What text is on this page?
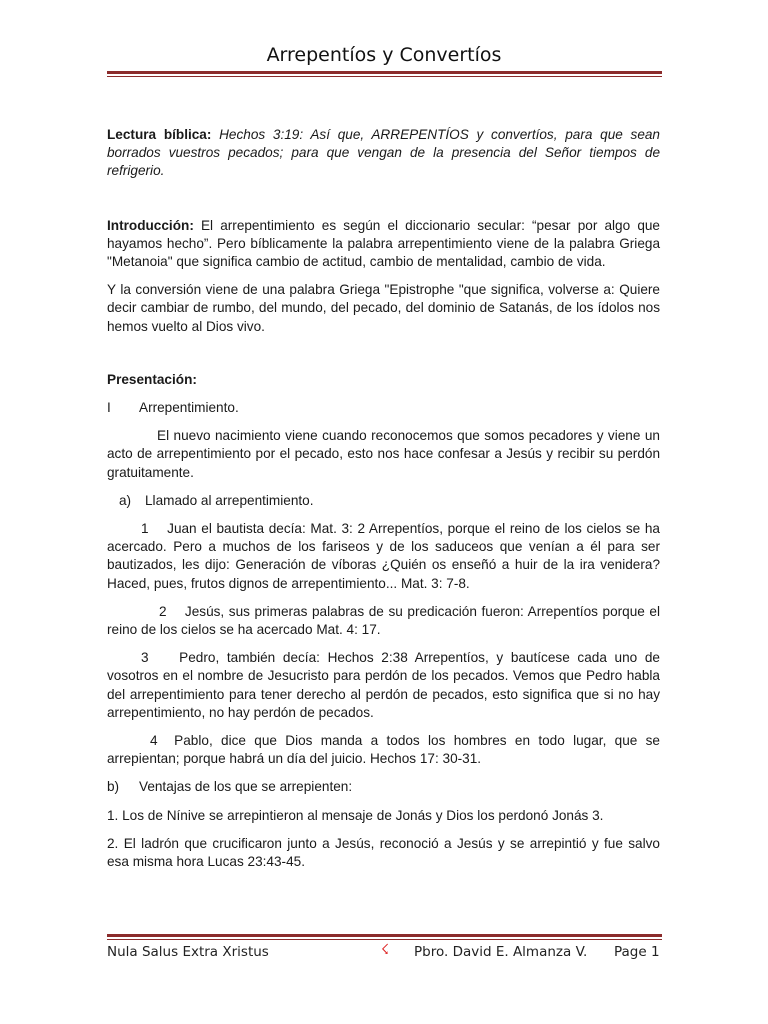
Arrepentíos y Convertíos

Lectura bíblica: Hechos 3:19: Así que, ARREPENTÍOS y convertíos, para que sean borrados vuestros pecados; para que vengan de la presencia del Señor tiempos de refrigerio.

Introducción: El arrepentimiento es según el diccionario secular: “pesar por algo que hayamos hecho”. Pero bíblicamente la palabra arrepentimiento viene de la palabra Griega "Metanoia" que significa cambio de actitud, cambio de mentalidad, cambio de vida.

Y la conversión viene de una palabra Griega "Epistrophe "que significa, volverse a: Quiere decir cambiar de rumbo, del mundo, del pecado, del dominio de Satanás, de los ídolos nos hemos vuelto al Dios vivo.

Presentación:

I Arrepentimiento.

El nuevo nacimiento viene cuando reconocemos que somos pecadores y viene un acto de arrepentimiento por el pecado, esto nos hace confesar a Jesús y recibir su perdón gratuitamente.

a) Llamado al arrepentimiento.

1 Juan el bautista decía: Mat. 3: 2 Arrepentíos, porque el reino de los cielos se ha acercado. Pero a muchos de los fariseos y de los saduceos que venían a él para ser bautizados, les dijo: Generación de víboras ¿Quién os enseñó a huir de la ira venidera? Haced, pues, frutos dignos de arrepentimiento... Mat. 3: 7-8.

2 Jesús, sus primeras palabras de su predicación fueron: Arrepentíos porque el reino de los cielos se ha acercado Mat. 4: 17.

3 Pedro, también decía: Hechos 2:38 Arrepentíos, y bautícese cada uno de vosotros en el nombre de Jesucristo para perdón de los pecados. Vemos que Pedro habla del arrepentimiento para tener derecho al perdón de pecados, esto significa que si no hay arrepentimiento, no hay perdón de pecados.

4 Pablo, dice que Dios manda a todos los hombres en todo lugar, que se arrepientan; porque habrá un día del juicio. Hechos 17: 30-31.

b) Ventajas de los que se arrepienten:

1. Los de Nínive se arrepintieron al mensaje de Jonás y Dios los perdonó Jonás 3.

2. El ladrón que crucificaron junto a Jesús, reconoció a Jesús y se arrepintió y fue salvo esa misma hora Lucas 23:43-45.

Nula Salus Extra Xristus	☇ Pbro. David E. Almanza V. Page 1
